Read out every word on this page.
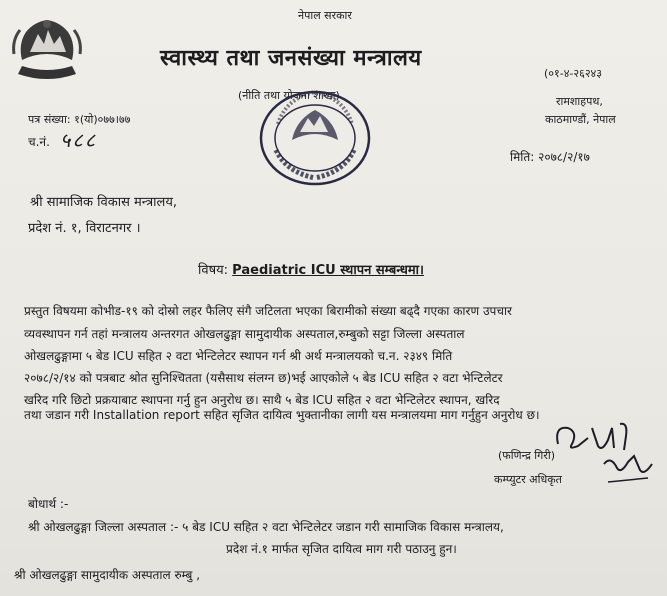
नेपाल सरकार
स्वास्थ्य तथा जनसंख्या मन्त्रालय
(नीति तथा योजना शाखा)
(०१-४-२६२४३
रामशाहपथ,
काठमाण्डौं, नेपाल
पत्र संख्या: १(यो)०७७।७७
च.नं. ५८८
मिति: २०७८/२/१७
श्री सामाजिक विकास मन्त्रालय,
प्रदेश नं. १, विराटनगर ।
विषय: Paediatric ICU स्थापन सम्बन्धमा।
प्रस्तुत विषयमा कोभीड-१९ को दोस्रो लहर फैलिए संगै जटिलता भएका बिरामीको संख्या बढ्दै गएका कारण उपचार
व्यवस्थापन गर्न तहां मन्त्रालय अन्तरगत ओखलढुङ्गा सामुदायीक अस्पताल,रुम्बुको सट्टा जिल्ला अस्पताल
ओखलढुङ्गामा ५ बेड ICU सहित २ वटा भेन्टिलेटर स्थापन गर्न श्री अर्थ मन्त्रालयको च.न. २३४९ मिति
२०७८/२/१४ को पत्रबाट श्रोत सुनिश्चितता (यसैसाथ संलग्न छ)भई आएकोले ५ बेड ICU सहित २ वटा भेन्टिलेटर
खरिद गरि छिटो प्रक्रयाबाट स्थापना गर्नु हुन अनुरोध छ। साथै ५ बेड ICU सहित २ वटा भेन्टिलेटर स्थापन, खरिद
तथा जडान गरी Installation report सहित सृजित दायित्व भुक्तानीका लागी यस मन्त्रालयमा माग गर्नुहुन अनुरोध छ।
(फणिन्द्र गिरी)
कम्प्युटर अधिकृत
बोधार्थ :-
श्री ओखलढुङ्गा जिल्ला अस्पताल :- ५ बेड ICU सहित २ वटा भेन्टिलेटर जडान गरी सामाजिक विकास मन्त्रालय,
प्रदेश नं.१ मार्फत सृजित दायित्व माग गरी पठाउनु हुन।
श्री ओखलढुङ्गा सामुदायीक अस्पताल रुम्बु ,
